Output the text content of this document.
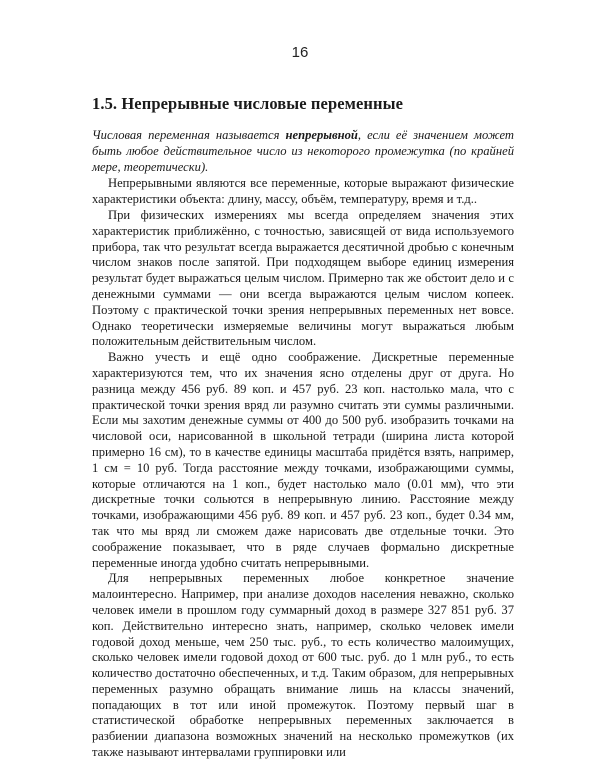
16
1.5. Непрерывные числовые переменные

Числовая переменная называется непрерывной, если её значением может быть любое действительное число из некоторого промежутка (по крайней мере, теоретически).

Непрерывными являются все переменные, которые выражают физические характеристики объекта: длину, массу, объём, температуру, время и т.д..

При физических измерениях мы всегда определяем значения этих характеристик приближённо, с точностью, зависящей от вида используемого прибора, так что результат всегда выражается десятичной дробью с конечным числом знаков после запятой. При подходящем выборе единиц измерения результат будет выражаться целым числом. Примерно так же обстоит дело и с денежными суммами — они всегда выражаются целым числом копеек. Поэтому с практической точки зрения непрерывных переменных нет вовсе. Однако теоретически измеряемые величины могут выражаться любым положительным действительным числом.

Важно учесть и ещё одно соображение. Дискретные переменные характеризуются тем, что их значения ясно отделены друг от друга. Но разница между 456 руб. 89 коп. и 457 руб. 23 коп. настолько мала, что с практической точки зрения вряд ли разумно считать эти суммы различными. Если мы захотим денежные суммы от 400 до 500 руб. изобразить точками на числовой оси, нарисованной в школьной тетради (ширина листа которой примерно 16 см), то в качестве единицы масштаба придётся взять, например, 1 см = 10 руб. Тогда расстояние между точками, изображающими суммы, которые отличаются на 1 коп., будет настолько мало (0.01 мм), что эти дискретные точки сольются в непрерывную линию. Расстояние между точками, изображающими 456 руб. 89 коп. и 457 руб. 23 коп., будет 0.34 мм, так что мы вряд ли сможем даже нарисовать две отдельные точки. Это соображение показывает, что в ряде случаев формально дискретные переменные иногда удобно считать непрерывными.

Для непрерывных переменных любое конкретное значение малоинтересно. Например, при анализе доходов населения неважно, сколько человек имели в прошлом году суммарный доход в размере 327 851 руб. 37 коп. Действительно интересно знать, например, сколько человек имели годовой доход меньше, чем 250 тыс. руб., то есть количество малоимущих, сколько человек имели годовой доход от 600 тыс. руб. до 1 млн руб., то есть количество достаточно обеспеченных, и т.д. Таким образом, для непрерывных переменных разумно обращать внимание лишь на классы значений, попадающих в тот или иной промежуток. Поэтому первый шаг в статистической обработке непрерывных переменных заключается в разбиении диапазона возможных значений на несколько промежутков (их также называют интервалами группировки или
